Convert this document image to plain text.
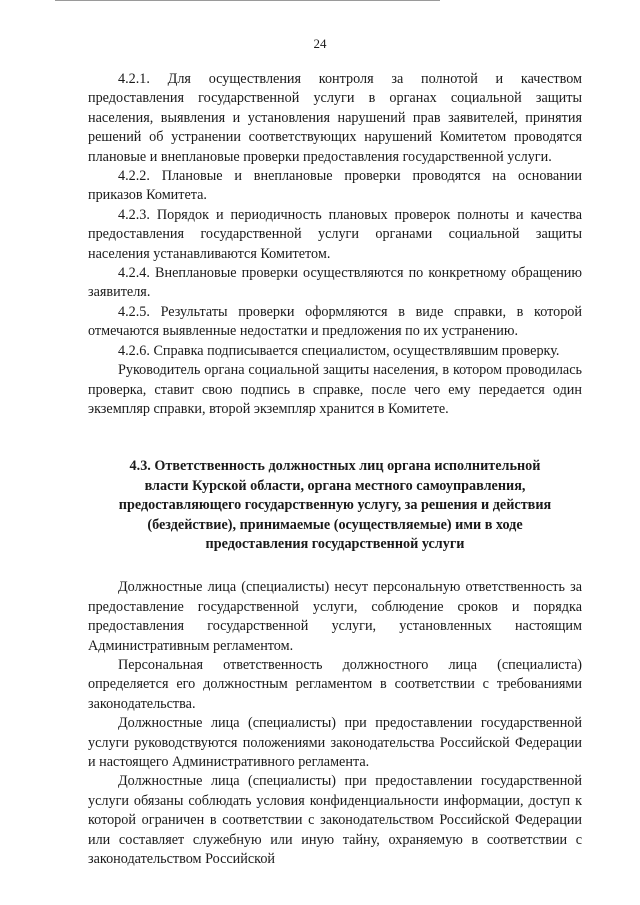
24

4.2.1. Для осуществления контроля за полнотой и качеством предоставления государственной услуги в органах социальной защиты населения, выявления и установления нарушений прав заявителей, принятия решений об устранении соответствующих нарушений Комитетом проводятся плановые и внеплановые проверки предоставления государственной услуги.

4.2.2. Плановые и внеплановые проверки проводятся на основании приказов Комитета.

4.2.3. Порядок и периодичность плановых проверок полноты и качества предоставления государственной услуги органами социальной защиты населения устанавливаются Комитетом.

4.2.4. Внеплановые проверки осуществляются по конкретному обращению заявителя.

4.2.5. Результаты проверки оформляются в виде справки, в которой отмечаются выявленные недостатки и предложения по их устранению.

4.2.6. Справка подписывается специалистом, осуществлявшим проверку.

Руководитель органа социальной защиты населения, в котором проводилась проверка, ставит свою подпись в справке, после чего ему передается один экземпляр справки, второй экземпляр хранится в Комитете.

4.3. Ответственность должностных лиц органа исполнительной власти Курской области, органа местного самоуправления, предоставляющего государственную услугу, за решения и действия (бездействие), принимаемые (осуществляемые) ими в ходе предоставления государственной услуги

Должностные лица (специалисты) несут персональную ответственность за предоставление государственной услуги, соблюдение сроков и порядка предоставления государственной услуги, установленных настоящим Административным регламентом.

Персональная ответственность должностного лица (специалиста) определяется его должностным регламентом в соответствии с требованиями законодательства.

Должностные лица (специалисты) при предоставлении государственной услуги руководствуются положениями законодательства Российской Федерации и настоящего Административного регламента.

Должностные лица (специалисты) при предоставлении государственной услуги обязаны соблюдать условия конфиденциальности информации, доступ к которой ограничен в соответствии с законодательством Российской Федерации или составляет служебную или иную тайну, охраняемую в соответствии с законодательством Российской
